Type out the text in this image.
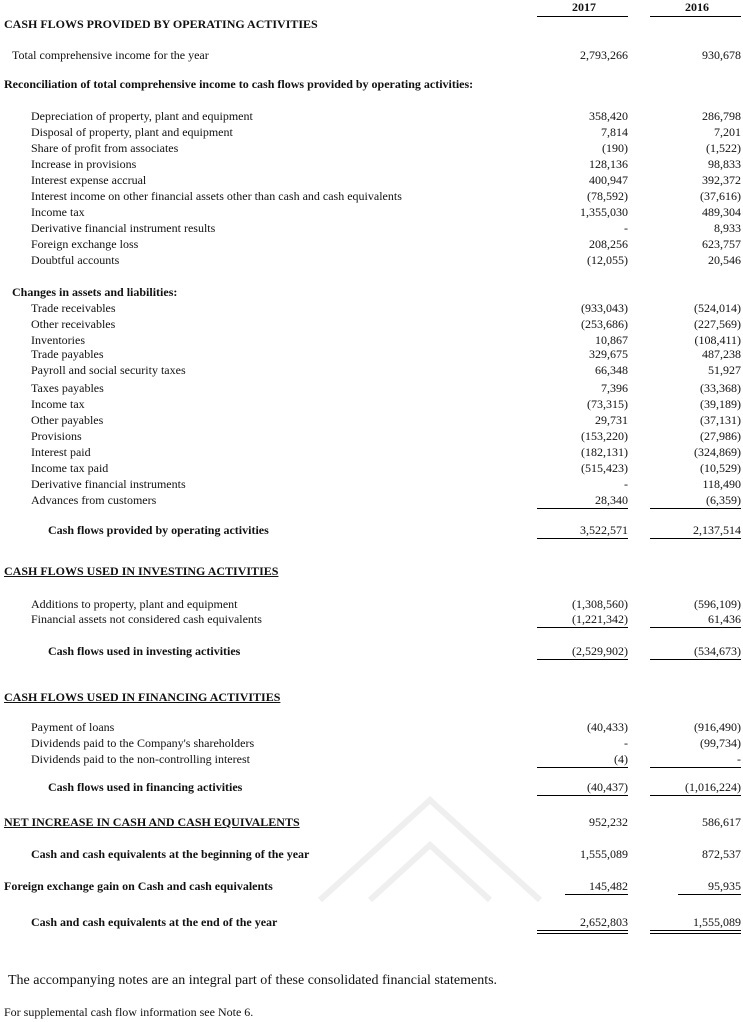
2017	2016
CASH FLOWS PROVIDED BY OPERATING ACTIVITIES
Total comprehensive income for the year	2,793,266	930,678
Reconciliation of total comprehensive income to cash flows provided by operating activities:
Depreciation of property, plant and equipment	358,420	286,798
Disposal of property, plant and equipment	7,814	7,201
Share of profit from associates	(190)	(1,522)
Increase in provisions	128,136	98,833
Interest expense accrual	400,947	392,372
Interest income on other financial assets other than cash and cash equivalents	(78,592)	(37,616)
Income tax	1,355,030	489,304
Derivative financial instrument results	-	8,933
Foreign exchange loss	208,256	623,757
Doubtful accounts	(12,055)	20,546
Changes in assets and liabilities:
Trade receivables	(933,043)	(524,014)
Other receivables	(253,686)	(227,569)
Inventories	10,867	(108,411)
Trade payables	329,675	487,238
Payroll and social security taxes	66,348	51,927
Taxes payables	7,396	(33,368)
Income tax	(73,315)	(39,189)
Other payables	29,731	(37,131)
Provisions	(153,220)	(27,986)
Interest paid	(182,131)	(324,869)
Income tax paid	(515,423)	(10,529)
Derivative financial instruments	-	118,490
Advances from customers	28,340	(6,359)
Cash flows provided by operating activities	3,522,571	2,137,514
CASH FLOWS USED IN INVESTING ACTIVITIES
Additions to property, plant and equipment	(1,308,560)	(596,109)
Financial assets not considered cash equivalents	(1,221,342)	61,436
Cash flows used in investing activities	(2,529,902)	(534,673)
CASH FLOWS USED IN FINANCING ACTIVITIES
Payment of loans	(40,433)	(916,490)
Dividends paid to the Company's shareholders	-	(99,734)
Dividends paid to the non-controlling interest	(4)	-
Cash flows used in financing activities	(40,437)	(1,016,224)
NET INCREASE IN CASH AND CASH EQUIVALENTS	952,232	586,617
Cash and cash equivalents at the beginning of the year	1,555,089	872,537
Foreign exchange gain on Cash and cash equivalents	145,482	95,935
Cash and cash equivalents at the end of the year	2,652,803	1,555,089
The accompanying notes are an integral part of these consolidated financial statements.
For supplemental cash flow information see Note 6.
